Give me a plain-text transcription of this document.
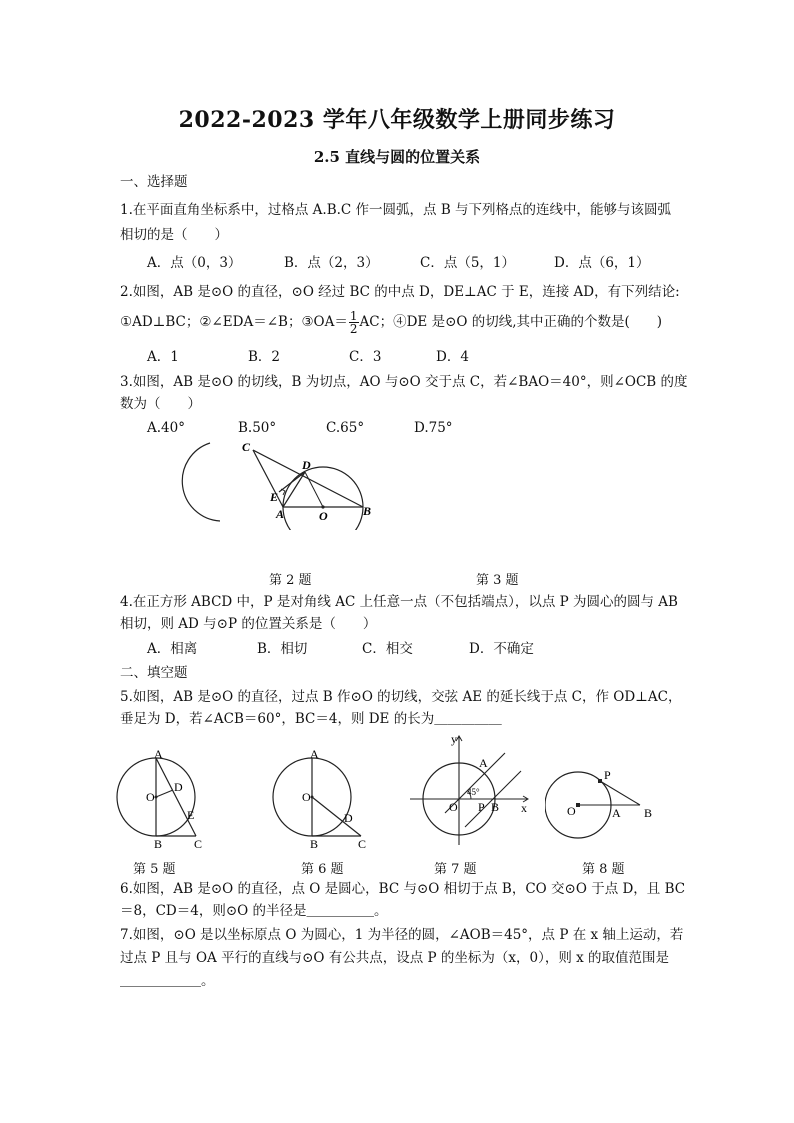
2022-2023 学年八年级数学上册同步练习
2.5 直线与圆的位置关系
一、选择题
1.在平面直角坐标系中，过格点 A.B.C 作一圆弧，点 B 与下列格点的连线中，能够与该圆弧
相切的是（　　）
A．点（0，3）	B．点（2，3）	C．点（5，1）	D．点（6，1）
2.如图，AB 是⊙O 的直径，⊙O 经过 BC 的中点 D，DE⊥AC 于 E，连接 AD，有下列结论:
①AD⊥BC；②∠EDA＝∠B；③OA＝ $\frac{1}{2}$ AC；④DE 是⊙O 的切线,其中正确的个数是(　　)
A．1	B．2	C．3	D．4
3.如图，AB 是⊙O 的切线，B 为切点，AO 与⊙O 交于点 C，若∠BAO＝40°，则∠OCB 的度
数为（　　）
A.40°	B.50°	C.65°	D.75°
C
D
E
A	O	B
第 2 题	第 3 题
4.在正方形 ABCD 中，P 是对角线 AC 上任意一点（不包括端点），以点 P 为圆心的圆与 AB
相切，则 AD 与⊙P 的位置关系是（　　）
A．相离	B．相切	C．相交	D．不确定
二、填空题
5.如图，AB 是⊙O 的直径，过点 B 作⊙O 的切线，交弦 AE 的延长线于点 C，作 OD⊥AC，
垂足为 D，若∠ACB＝60°，BC＝4，则 DE 的长为＿＿＿＿＿
A
O
D
E
B	C
A
O
D
B	C
y
A
45°
O P B x
P
O	A B
第 5 题	第 6 题	第 7 题	第 8 题
6.如图，AB 是⊙O 的直径，点 O 是圆心，BC 与⊙O 相切于点 B，CO 交⊙O 于点 D，且 BC
＝8，CD＝4，则⊙O 的半径是＿＿＿＿＿。
7.如图，⊙O 是以坐标原点 O 为圆心，1 为半径的圆，∠AOB＝45°，点 P 在 x 轴上运动，若
过点 P 且与 OA 平行的直线与⊙O 有公共点，设点 P 的坐标为（x，0），则 x 的取值范围是
＿＿＿＿＿＿。
